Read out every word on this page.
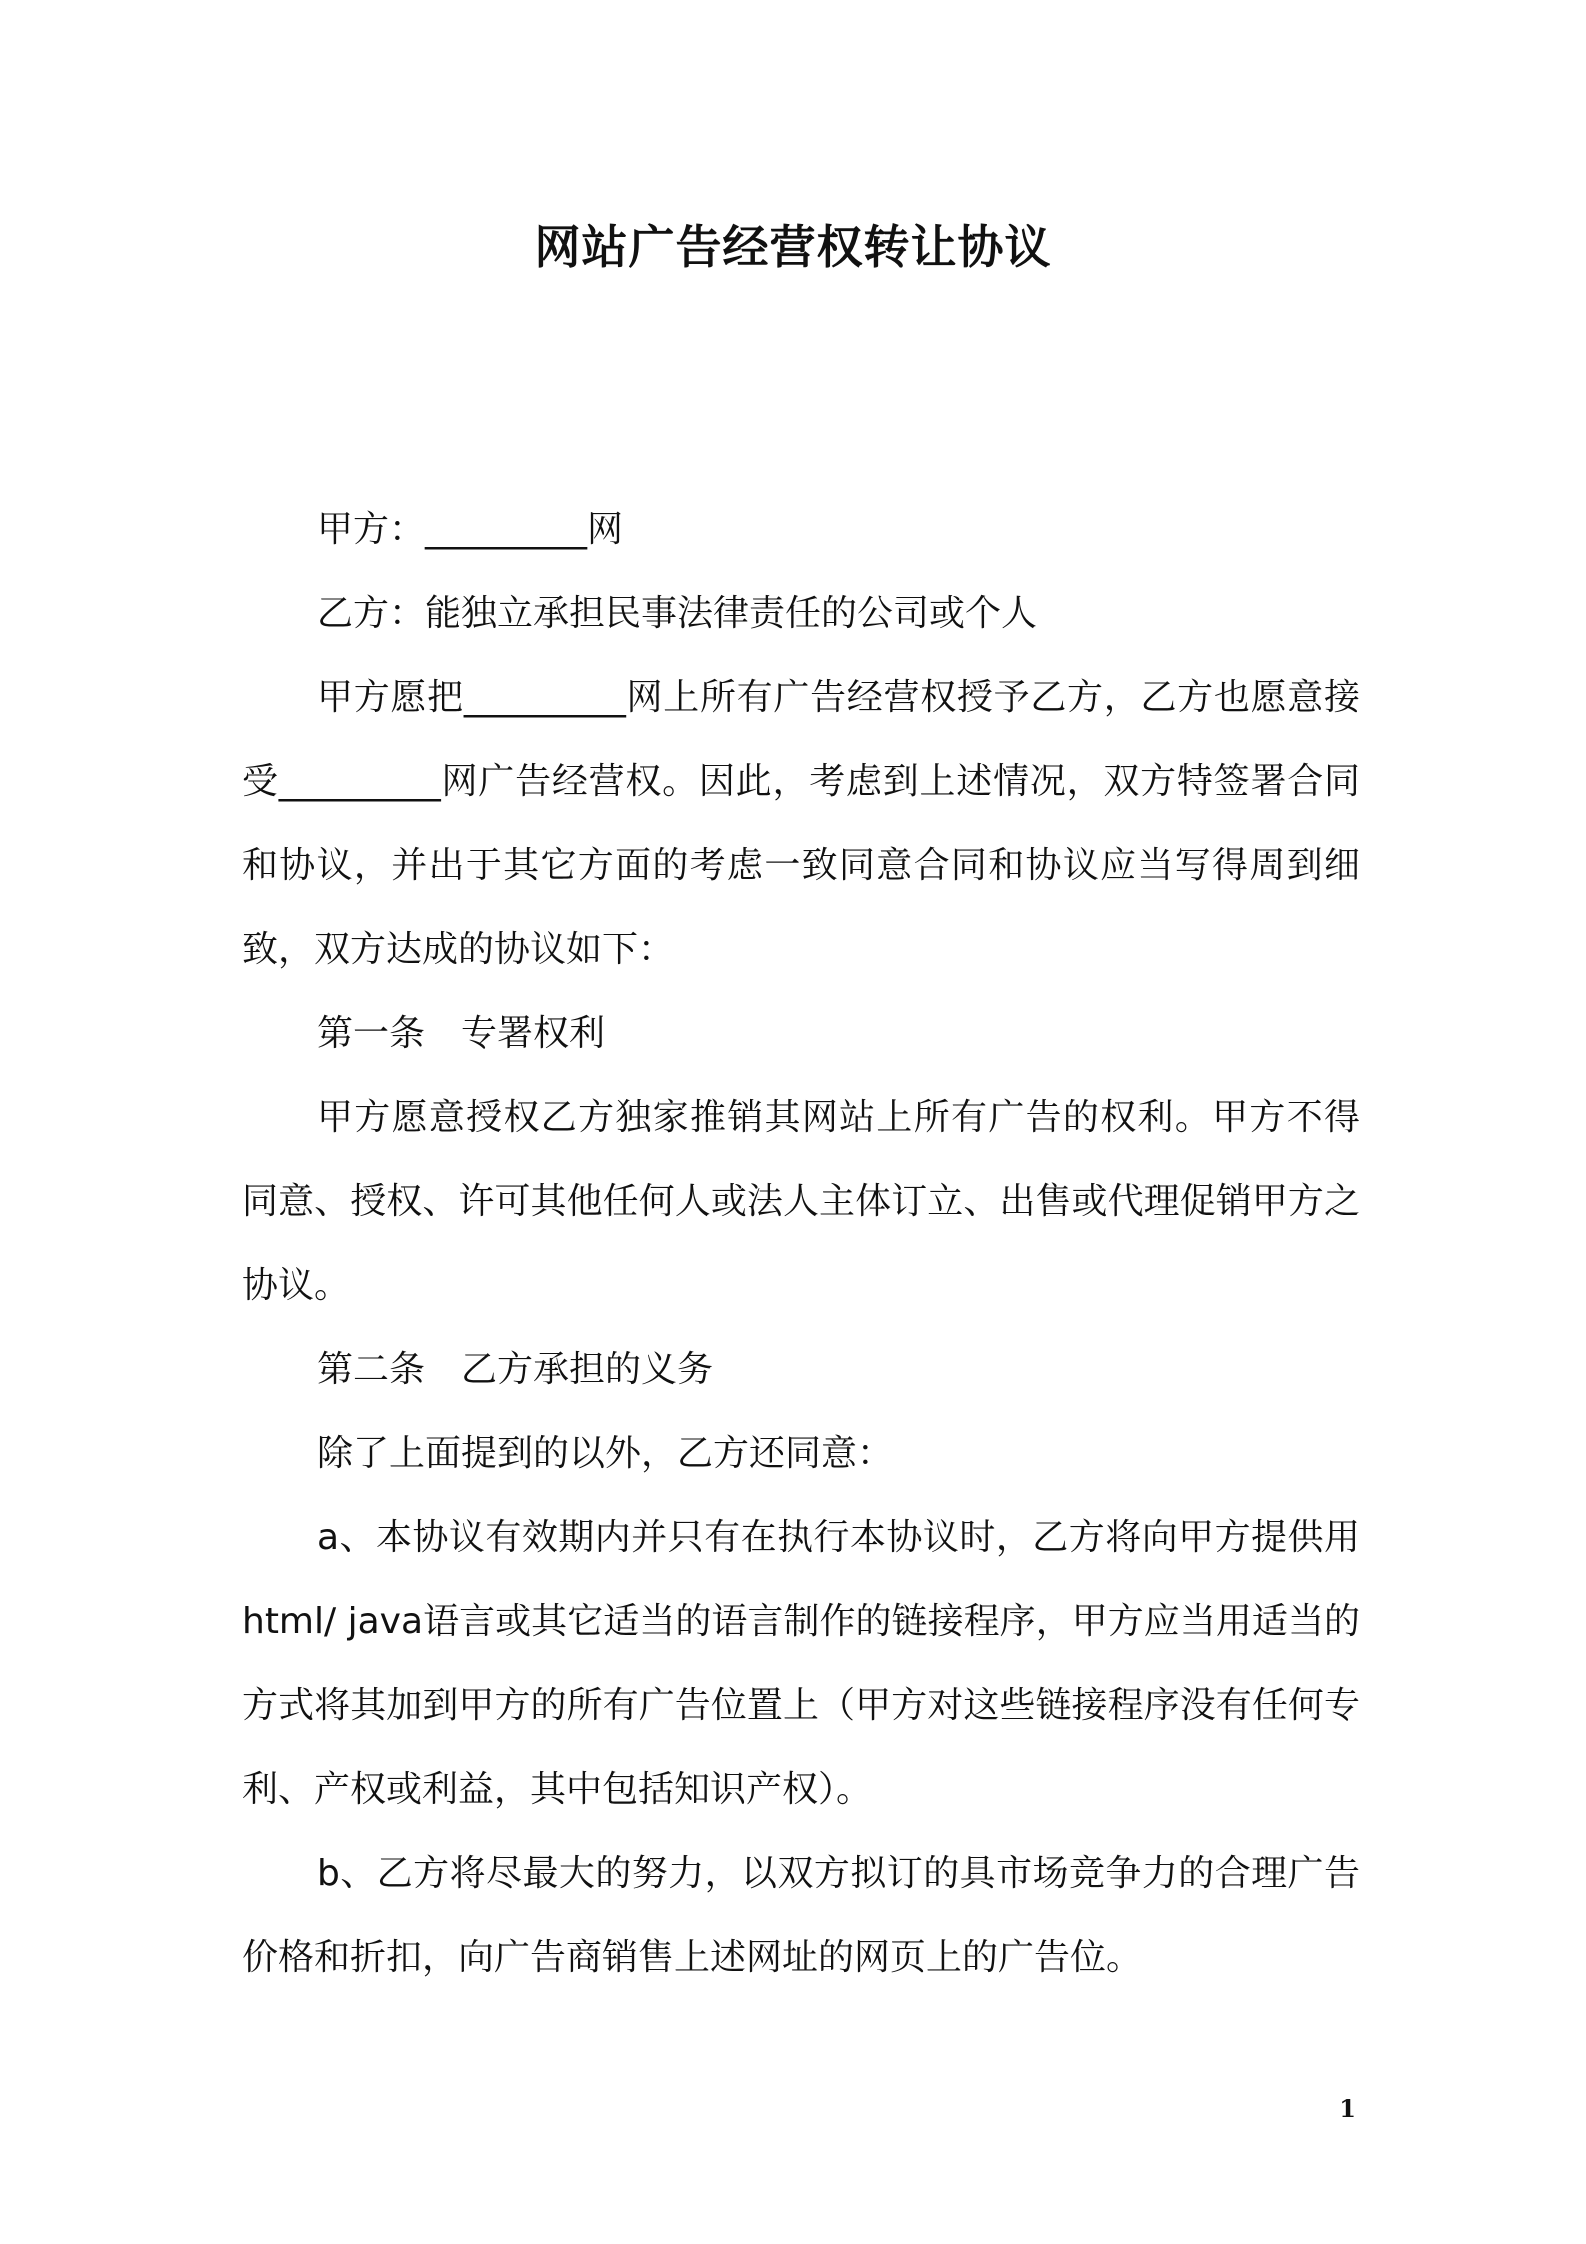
网站广告经营权转让协议

甲方：_________网

乙方：能独立承担民事法律责任的公司或个人

甲方愿把_________网上所有广告经营权授予乙方，乙方也愿意接受_________网广告经营权。因此，考虑到上述情况，双方特签署合同和协议，并出于其它方面的考虑一致同意合同和协议应当写得周到细致，双方达成的协议如下：

第一条　专署权利

甲方愿意授权乙方独家推销其网站上所有广告的权利。甲方不得同意、授权、许可其他任何人或法人主体订立、出售或代理促销甲方之协议。

第二条　乙方承担的义务

除了上面提到的以外，乙方还同意：

a、本协议有效期内并只有在执行本协议时，乙方将向甲方提供用html/ java语言或其它适当的语言制作的链接程序，甲方应当用适当的方式将其加到甲方的所有广告位置上（甲方对这些链接程序没有任何专利、产权或利益，其中包括知识产权）。

b、乙方将尽最大的努力，以双方拟订的具市场竞争力的合理广告价格和折扣，向广告商销售上述网址的网页上的广告位。

1
